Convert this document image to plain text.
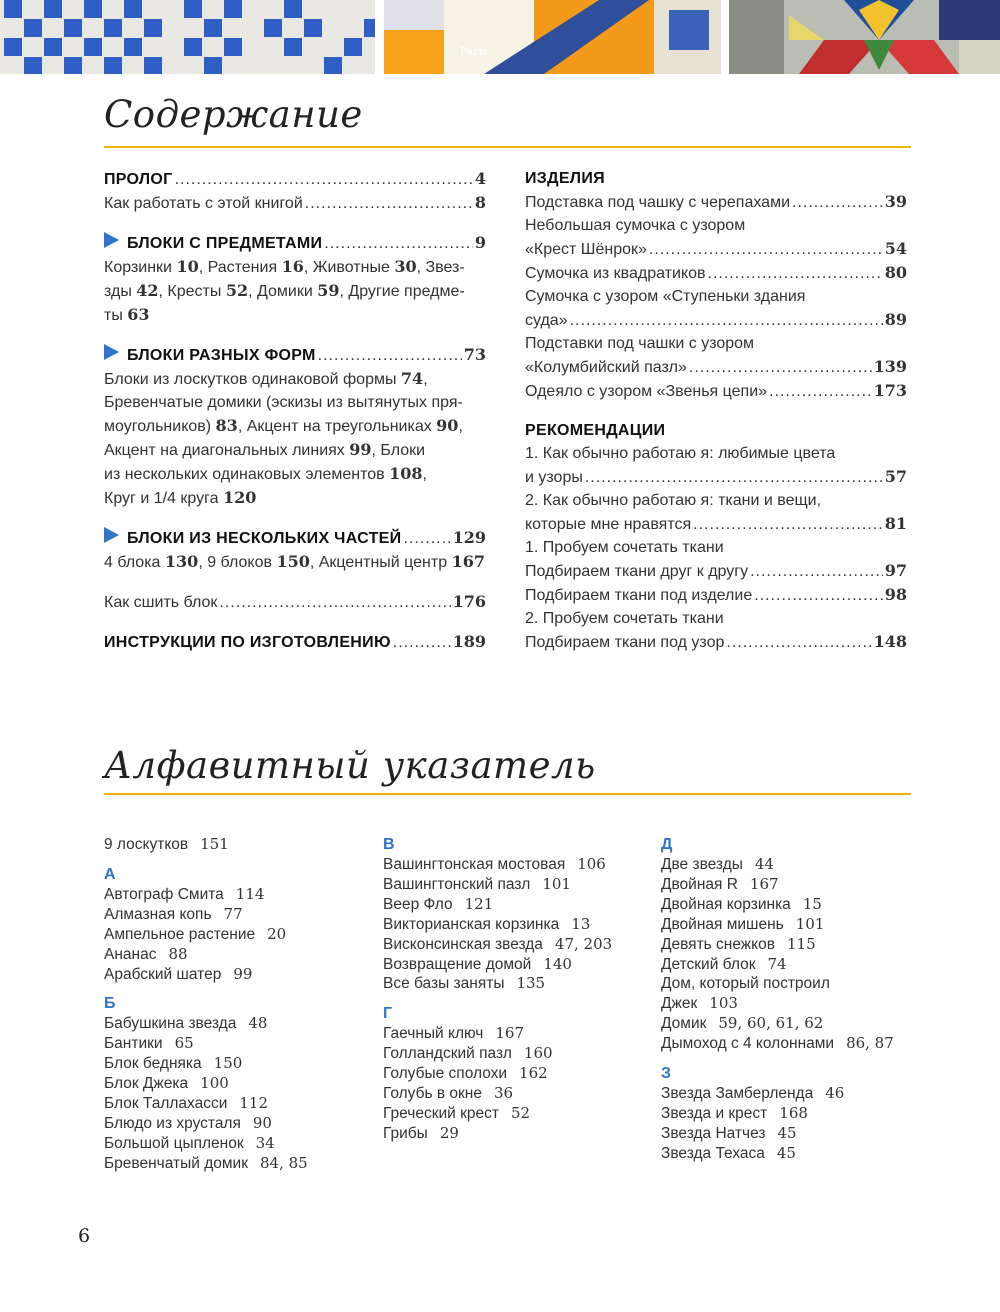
Paris
Содержание
ПРОЛОГ .....	4
Как работать с этой книгой .....	8
БЛОКИ С ПРЕДМЕТАМИ .....	9
Корзинки 10, Растения 16, Животные 30, Звез-
зды 42, Кресты 52, Домики 59, Другие предме-
ты 63
БЛОКИ РАЗНЫХ ФОРМ .....	73
Блоки из лоскутков одинаковой формы 74,
Бревенчатые домики (эскизы из вытянутых пря-
моугольников) 83, Акцент на треугольниках 90,
Акцент на диагональных линиях 99, Блоки
из нескольких одинаковых элементов 108,
Круг и 1/4 круга 120
БЛОКИ ИЗ НЕСКОЛЬКИХ ЧАСТЕЙ .....	129
4 блока 130, 9 блоков 150, Акцентный центр 167
Как сшить блок .....	176
ИНСТРУКЦИИ ПО ИЗГОТОВЛЕНИЮ .....	189
ИЗДЕЛИЯ
Подставка под чашку с черепахами .....	39
Небольшая сумочка с узором
«Крест Шёнрок» .....	54
Сумочка из квадратиков .....	80
Сумочка с узором «Ступеньки здания
суда» .....	89
Подставки под чашки с узором
«Колумбийский пазл» .....	139
Одеяло с узором «Звенья цепи» .....	173
РЕКОМЕНДАЦИИ
1. Как обычно работаю я: любимые цвета
и узоры .....	57
2. Как обычно работаю я: ткани и вещи,
которые мне нравятся .....	81
1. Пробуем сочетать ткани
Подбираем ткани друг к другу .....	97
Подбираем ткани под изделие .....	98
2. Пробуем сочетать ткани
Подбираем ткани под узор .....	148
Алфавитный указатель
9 лоскутков 151
А
Автограф Смита 114
Алмазная копь 77
Ампельное растение 20
Ананас 88
Арабский шатер 99
Б
Бабушкина звезда 48
Бантики 65
Блок бедняка 150
Блок Джека 100
Блок Таллахасси 112
Блюдо из хрусталя 90
Большой цыпленок 34
Бревенчатый домик 84, 85
В
Вашингтонская мостовая 106
Вашингтонский пазл 101
Веер Фло 121
Викторианская корзинка 13
Висконсинская звезда 47, 203
Возвращение домой 140
Все базы заняты 135
Г
Гаечный ключ 167
Голландский пазл 160
Голубые сполохи 162
Голубь в окне 36
Греческий крест 52
Грибы 29
Д
Две звезды 44
Двойная R 167
Двойная корзинка 15
Двойная мишень 101
Девять снежков 115
Детский блок 74
Дом, который построил
Джек 103
Домик 59, 60, 61, 62
Дымоход с 4 колоннами 86, 87
З
Звезда Замберленда 46
Звезда и крест 168
Звезда Натчез 45
Звезда Техаса 45
6
